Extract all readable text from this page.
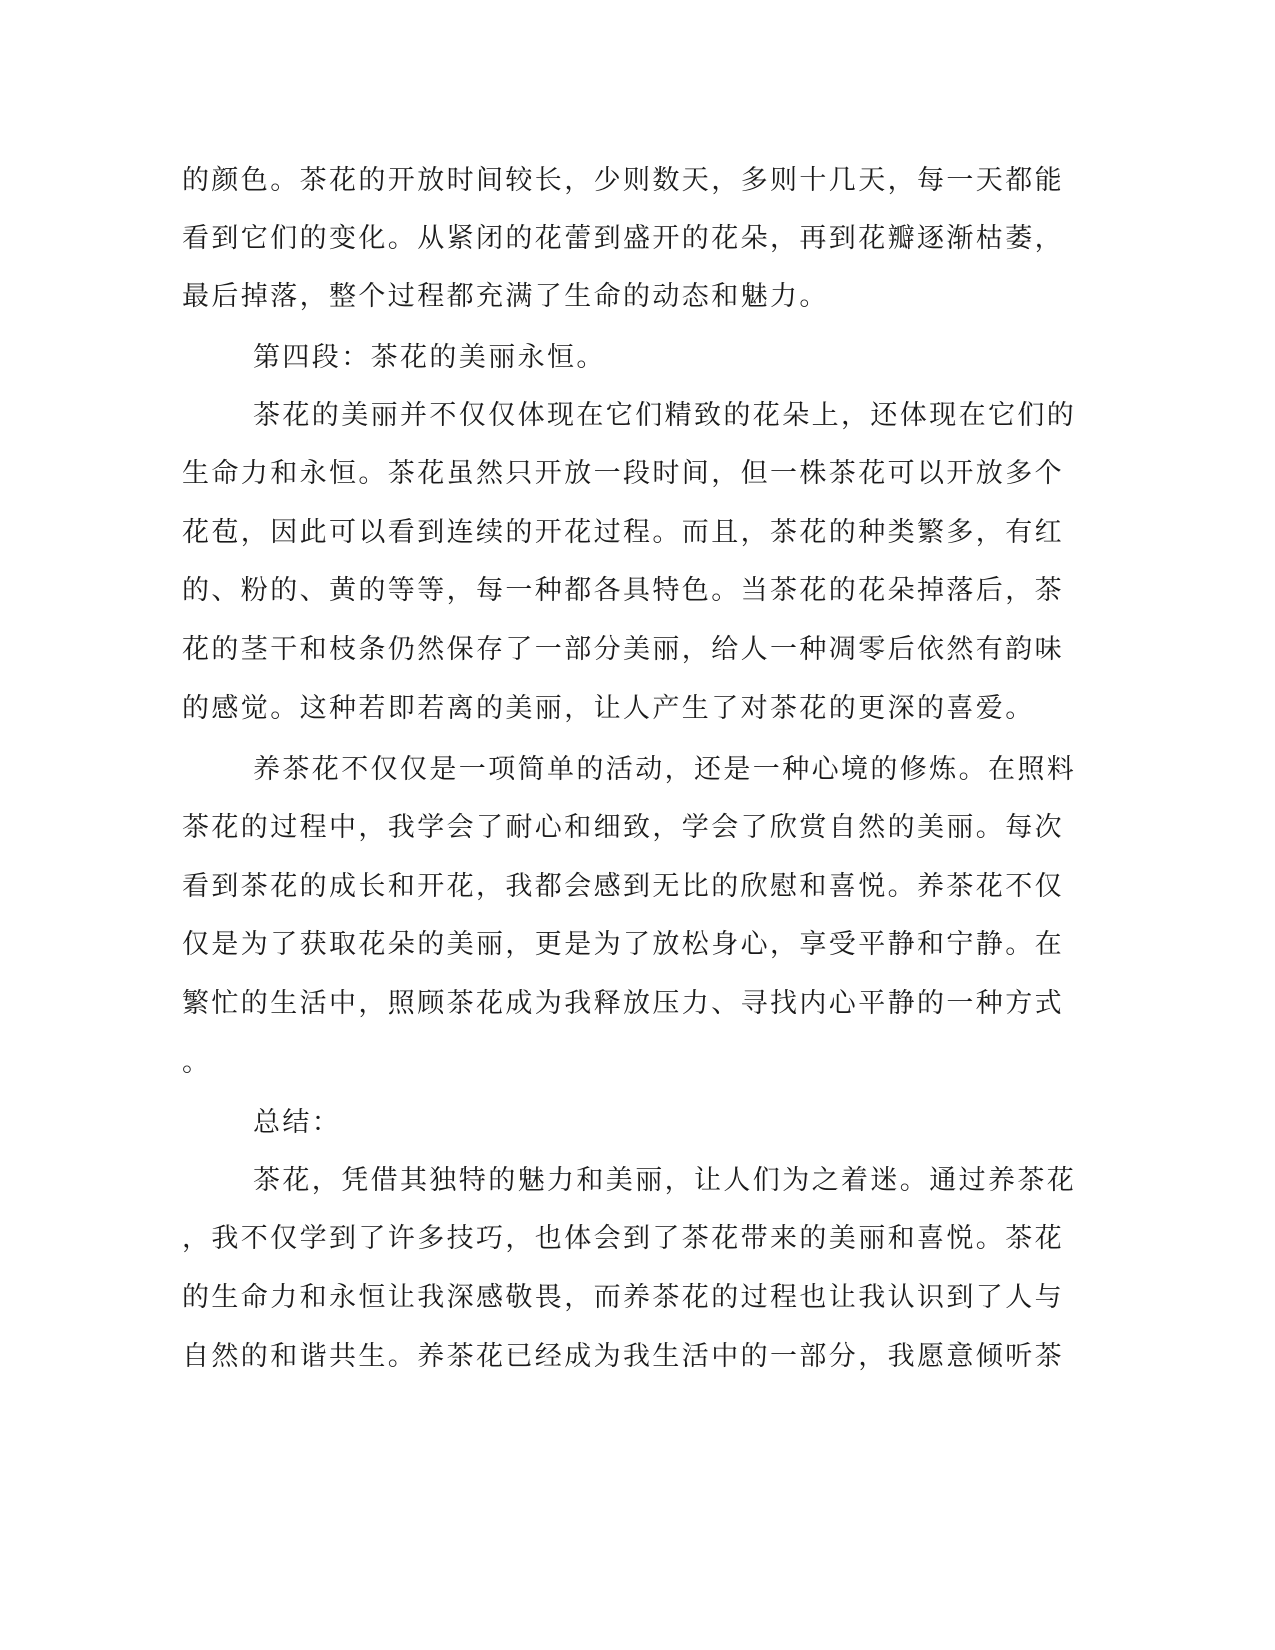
的颜色。茶花的开放时间较长，少则数天，多则十几天，每一天都能
看到它们的变化。从紧闭的花蕾到盛开的花朵，再到花瓣逐渐枯萎，
最后掉落，整个过程都充满了生命的动态和魅力。
第四段：茶花的美丽永恒。
茶花的美丽并不仅仅体现在它们精致的花朵上，还体现在它们的
生命力和永恒。茶花虽然只开放一段时间，但一株茶花可以开放多个
花苞，因此可以看到连续的开花过程。而且，茶花的种类繁多，有红
的、粉的、黄的等等，每一种都各具特色。当茶花的花朵掉落后，茶
花的茎干和枝条仍然保存了一部分美丽，给人一种凋零后依然有韵味
的感觉。这种若即若离的美丽，让人产生了对茶花的更深的喜爱。
养茶花不仅仅是一项简单的活动，还是一种心境的修炼。在照料
茶花的过程中，我学会了耐心和细致，学会了欣赏自然的美丽。每次
看到茶花的成长和开花，我都会感到无比的欣慰和喜悦。养茶花不仅
仅是为了获取花朵的美丽，更是为了放松身心，享受平静和宁静。在
繁忙的生活中，照顾茶花成为我释放压力、寻找内心平静的一种方式
。
总结：
茶花，凭借其独特的魅力和美丽，让人们为之着迷。通过养茶花
，我不仅学到了许多技巧，也体会到了茶花带来的美丽和喜悦。茶花
的生命力和永恒让我深感敬畏，而养茶花的过程也让我认识到了人与
自然的和谐共生。养茶花已经成为我生活中的一部分，我愿意倾听茶
